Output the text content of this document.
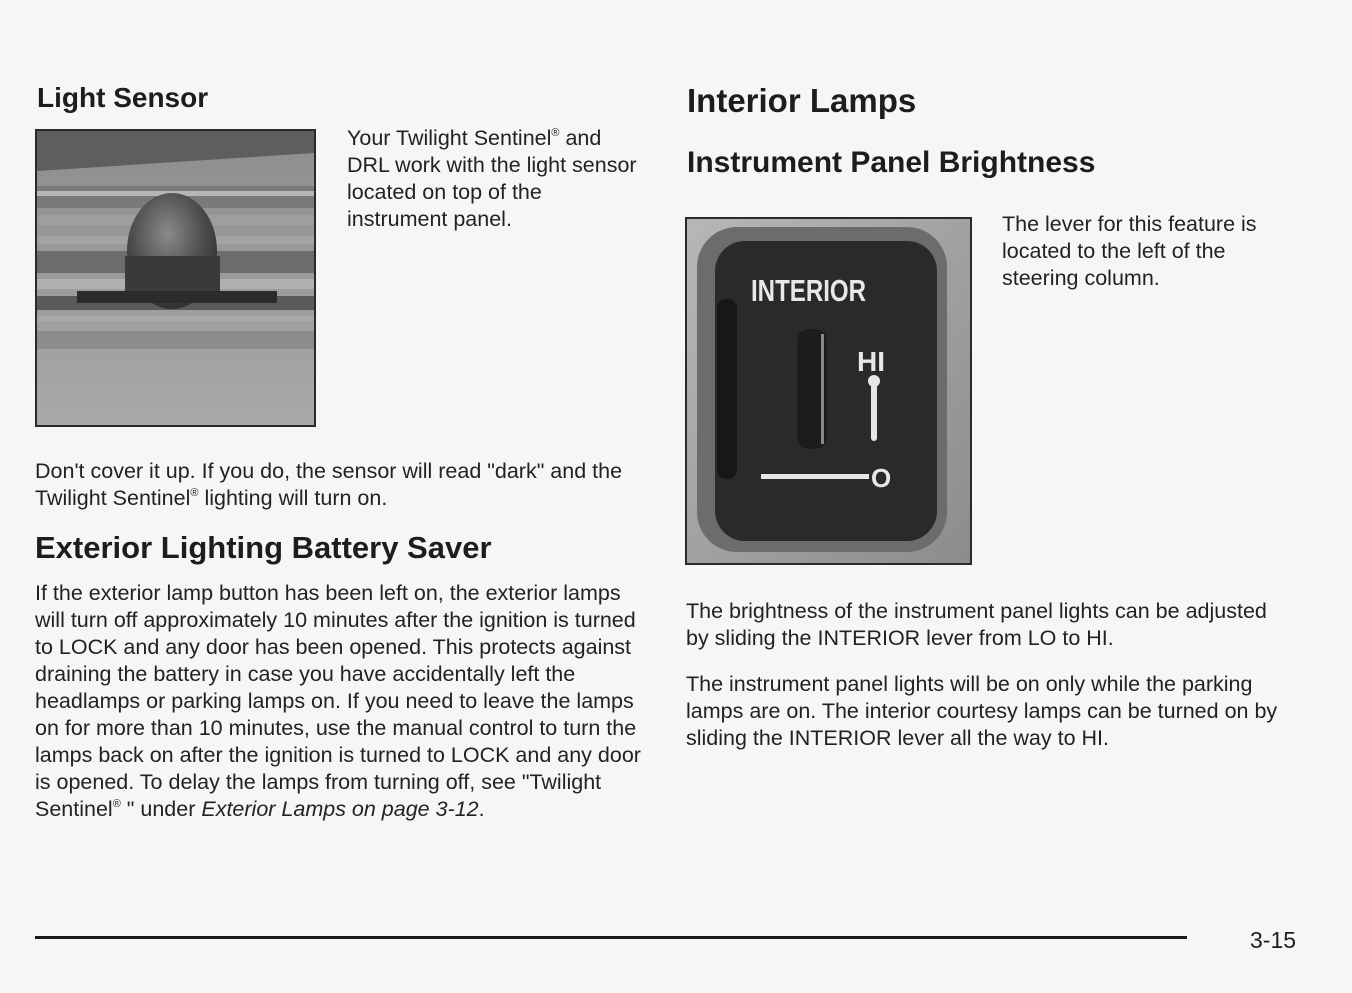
Light Sensor

Your Twilight Sentinel® and DRL work with the light sensor located on top of the instrument panel.

Don't cover it up. If you do, the sensor will read "dark" and the Twilight Sentinel® lighting will turn on.

Exterior Lighting Battery Saver

If the exterior lamp button has been left on, the exterior lamps will turn off approximately 10 minutes after the ignition is turned to LOCK and any door has been opened. This protects against draining the battery in case you have accidentally left the headlamps or parking lamps on. If you need to leave the lamps on for more than 10 minutes, use the manual control to turn the lamps back on after the ignition is turned to LOCK and any door is opened. To delay the lamps from turning off, see "Twilight Sentinel® " under Exterior Lamps on page 3-12.

Interior Lamps
Instrument Panel Brightness
INTERIOR
HI
O
The lever for this feature is located to the left of the steering column.
The brightness of the instrument panel lights can be adjusted by sliding the INTERIOR lever from LO to HI.
The instrument panel lights will be on only while the parking lamps are on. The interior courtesy lamps can be turned on by sliding the INTERIOR lever all the way to HI.
3-15
